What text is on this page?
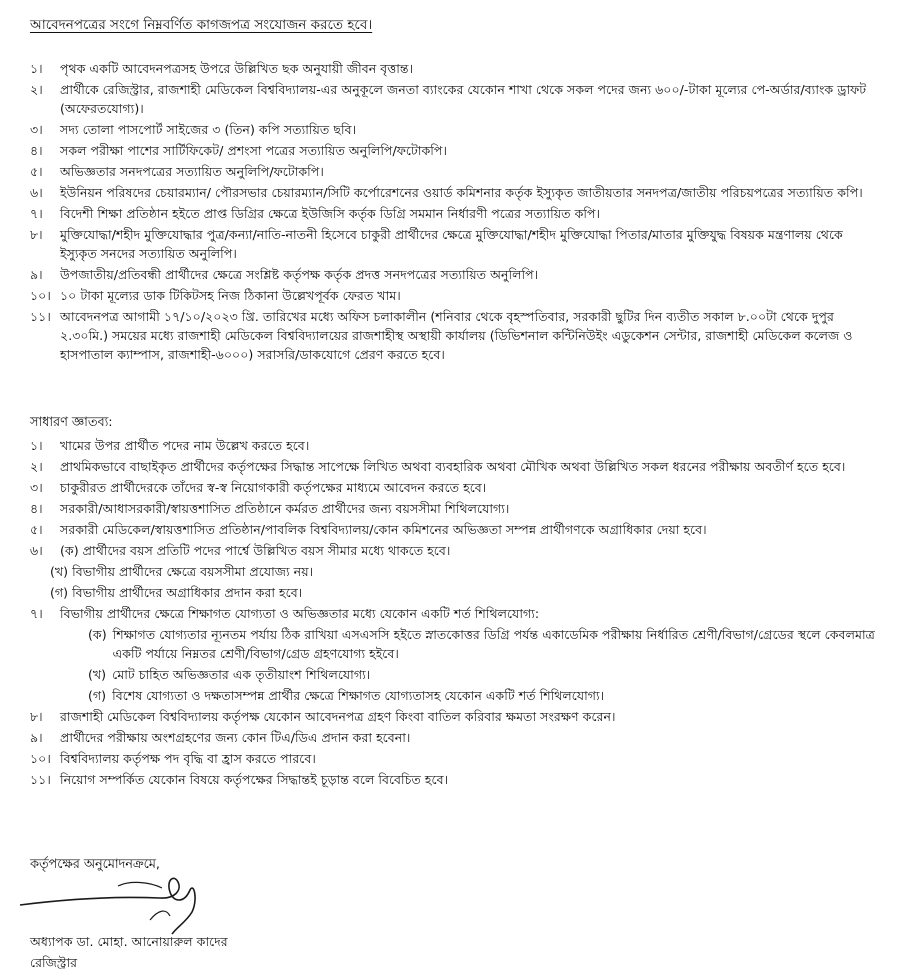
আবেদনপত্রের সংগে নিম্নবর্ণিত কাগজপত্র সংযোজন করতে হবে।
১।	পৃথক একটি আবেদনপত্রসহ উপরে উল্লিখিত ছক অনুযায়ী জীবন বৃত্তান্ত।
২।	প্রার্থীকে রেজিস্ট্রার, রাজশাহী মেডিকেল বিশ্ববিদ্যালয়-এর অনুকূলে জনতা ব্যাংকের যেকোন শাখা থেকে সকল পদের জন্য ৬০০/-টাকা মূল্যের পে-অর্ডার/ব্যাংক ড্রাফট (অফেরতযোগ্য)।
৩।	সদ্য তোলা পাসপোর্ট সাইজের ৩ (তিন) কপি সত্যায়িত ছবি।
৪।	সকল পরীক্ষা পাশের সার্টিফিকেট/ প্রশংসা পত্রের সত্যায়িত অনুলিপি/ফটোকপি।
৫।	অভিজ্ঞতার সনদপত্রের সত্যায়িত অনুলিপি/ফটোকপি।
৬।	ইউনিয়ন পরিষদের চেয়ারম্যান/ পৌরসভার চেয়ারম্যান/সিটি কর্পোরেশনের ওয়ার্ড কমিশনার কর্তৃক ইস্যুকৃত জাতীয়তার সনদপত্র/জাতীয় পরিচয়পত্রের সত্যায়িত কপি।
৭।	বিদেশী শিক্ষা প্রতিষ্ঠান হইতে প্রাপ্ত ডিগ্রির ক্ষেত্রে ইউজিসি কর্তৃক ডিগ্রি সমমান নির্ধারণী পত্রের সত্যায়িত কপি।
৮।	মুক্তিযোদ্ধা/শহীদ মুক্তিযোদ্ধার পুত্র/কন্যা/নাতি-নাতনী হিসেবে চাকুরী প্রার্থীদের ক্ষেত্রে মুক্তিযোদ্ধা/শহীদ মুক্তিযোদ্ধা পিতার/মাতার মুক্তিযুদ্ধ বিষয়ক মন্ত্রণালয় থেকে ইস্যুকৃত সনদের সত্যায়িত অনুলিপি।
৯।	উপজাতীয়/প্রতিবন্ধী প্রার্থীদের ক্ষেত্রে সংশ্লিষ্ট কর্তৃপক্ষ কর্তৃক প্রদত্ত সনদপত্রের সত্যায়িত অনুলিপি।
১০। ১০ টাকা মূল্যের ডাক টিকিটসহ নিজ ঠিকানা উল্লেখপূর্বক ফেরত খাম।
১১। আবেদনপত্র আগামী ১৭/১০/২০২৩ খ্রি. তারিখের মধ্যে অফিস চলাকালীন (শনিবার থেকে বৃহস্পতিবার, সরকারী ছুটির দিন ব্যতীত সকাল ৮.০০টা থেকে দুপুর ২.৩০মি.) সময়ের মধ্যে রাজশাহী মেডিকেল বিশ্ববিদ্যালয়ের রাজশাহীস্থ অস্থায়ী কার্যালয় (ডিভিশনাল কন্টিনিউইং এডুকেশন সেন্টার, রাজশাহী মেডিকেল কলেজ ও হাসপাতাল ক্যাম্পাস, রাজশাহী-৬০০০) সরাসরি/ডাকযোগে প্রেরণ করতে হবে।
সাধারণ জ্ঞাতব্য:
১।	খামের উপর প্রার্থীত পদের নাম উল্লেখ করতে হবে।
২।	প্রাথমিকভাবে বাছাইকৃত প্রার্থীদের কর্তৃপক্ষের সিদ্ধান্ত সাপেক্ষে লিখিত অথবা ব্যবহারিক অথবা মৌখিক অথবা উল্লিখিত সকল ধরনের পরীক্ষায় অবতীর্ণ হতে হবে।
৩।	চাকুরীরত প্রার্থীদেরকে তাঁদের স্ব-স্ব নিয়োগকারী কর্তৃপক্ষের মাধ্যমে আবেদন করতে হবে।
৪।	সরকারী/আধাসরকারী/স্বায়ত্তশাসিত প্রতিষ্ঠানে কর্মরত প্রার্থীদের জন্য বয়সসীমা শিথিলযোগ্য।
৫।	সরকারী মেডিকেল/স্বায়ত্তশাসিত প্রতিষ্ঠান/পাবলিক বিশ্ববিদ্যালয়/কোন কমিশনের অভিজ্ঞতা সম্পন্ন প্রার্থীগণকে অগ্রাধিকার দেয়া হবে।
৬।	(ক) প্রার্থীদের বয়স প্রতিটি পদের পার্শ্বে উল্লিখিত বয়স সীমার মধ্যে থাকতে হবে।
(খ) বিভাগীয় প্রার্থীদের ক্ষেত্রে বয়সসীমা প্রযোজ্য নয়।
(গ) বিভাগীয় প্রার্থীদের অগ্রাধিকার প্রদান করা হবে।
৭।	বিভাগীয় প্রার্থীদের ক্ষেত্রে শিক্ষাগত যোগ্যতা ও অভিজ্ঞতার মধ্যে যেকোন একটি শর্ত শিথিলযোগ্য:
(ক) শিক্ষাগত যোগ্যতার ন্যূনতম পর্যায় ঠিক রাখিয়া এসএসসি হইতে স্নাতকোত্তর ডিগ্রি পর্যন্ত একাডেমিক পরীক্ষায় নির্ধারিত শ্রেণী/বিভাগ/গ্রেডের স্থলে কেবলমাত্র একটি পর্যায়ে নিম্নতর শ্রেণী/বিভাগ/গ্রেড গ্রহণযোগ্য হইবে।
(খ) মোট চাহিত অভিজ্ঞতার এক তৃতীয়াংশ শিথিলযোগ্য।
(গ) বিশেষ যোগ্যতা ও দক্ষতাসম্পন্ন প্রার্থীর ক্ষেত্রে শিক্ষাগত যোগ্যতাসহ যেকোন একটি শর্ত শিথিলযোগ্য।
৮।	রাজশাহী মেডিকেল বিশ্ববিদ্যালয় কর্তৃপক্ষ যেকোন আবেদনপত্র গ্রহণ কিংবা বাতিল করিবার ক্ষমতা সংরক্ষণ করেন।
৯।	প্রার্থীদের পরীক্ষায় অংশগ্রহণের জন্য কোন টিএ/ডিএ প্রদান করা হবেনা।
১০। বিশ্ববিদ্যালয় কর্তৃপক্ষ পদ বৃদ্ধি বা হ্রাস করতে পারবে।
১১। নিয়োগ সম্পর্কিত যেকোন বিষয়ে কর্তৃপক্ষের সিদ্ধান্তই চূড়ান্ত বলে বিবেচিত হবে।
কর্তৃপক্ষের অনুমোদনক্রমে,
অধ্যাপক ডা. মোহা. আনোয়ারুল কাদের
রেজিস্ট্রার
